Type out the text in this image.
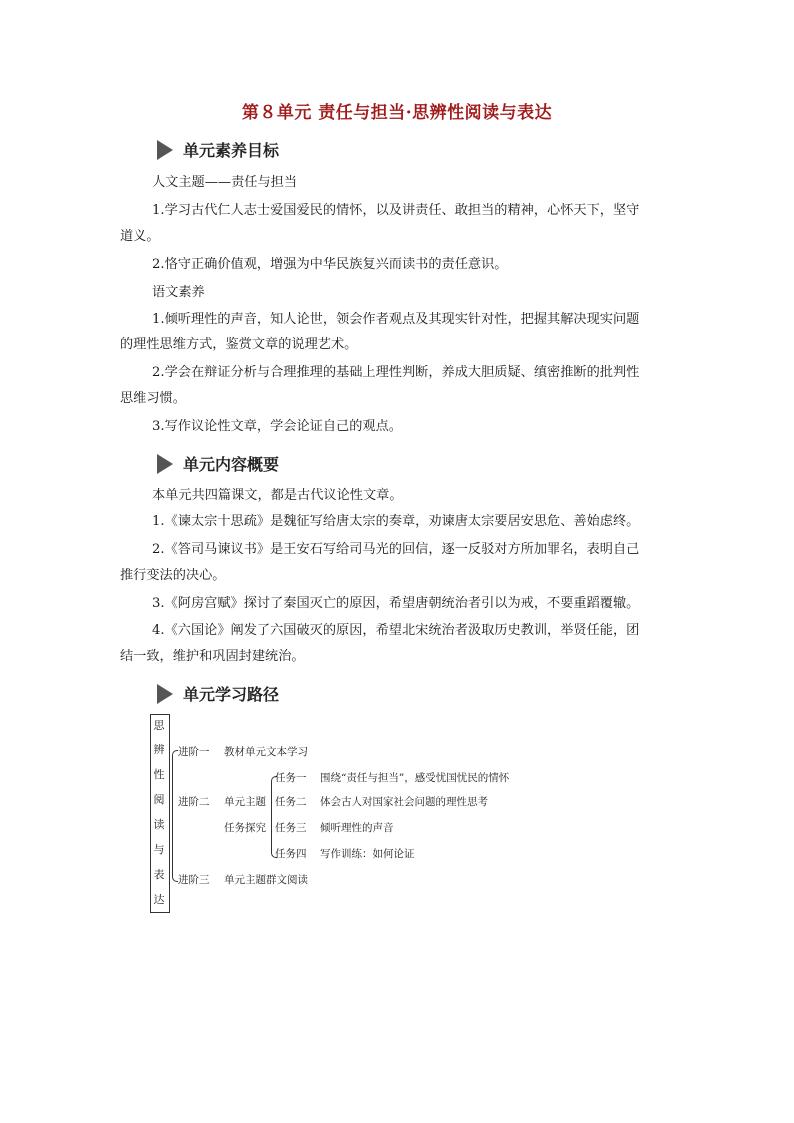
第８单元 责任与担当·思辨性阅读与表达
单元素养目标
人文主题——责任与担当
1.学习古代仁人志士爱国爱民的情怀，以及讲责任、敢担当的精神，心怀天下，坚守
道义。
2.恪守正确价值观，增强为中华民族复兴而读书的责任意识。
语文素养
1.倾听理性的声音，知人论世，领会作者观点及其现实针对性，把握其解决现实问题
的理性思维方式，鉴赏文章的说理艺术。
2.学会在辩证分析与合理推理的基础上理性判断，养成大胆质疑、缜密推断的批判性
思维习惯。
3.写作议论性文章，学会论证自己的观点。
单元内容概要
本单元共四篇课文，都是古代议论性文章。
1.《谏太宗十思疏》是魏征写给唐太宗的奏章，劝谏唐太宗要居安思危、善始虑终。
2.《答司马谏议书》是王安石写给司马光的回信，逐一反驳对方所加罪名，表明自己
推行变法的决心。
3.《阿房宫赋》探讨了秦国灭亡的原因，希望唐朝统治者引以为戒，不要重蹈覆辙。
4.《六国论》阐发了六国破灭的原因，希望北宋统治者汲取历史教训，举贤任能，团
结一致，维护和巩固封建统治。
单元学习路径
思
辨
性
阅
读
与
表
达
进阶一 教材单元文本学习
进阶二 单元主题
任务探究
任务一 围绕“责任与担当”，感受忧国忧民的情怀
任务二 体会古人对国家社会问题的理性思考
任务三 倾听理性的声音
任务四 写作训练：如何论证
进阶三 单元主题群文阅读
